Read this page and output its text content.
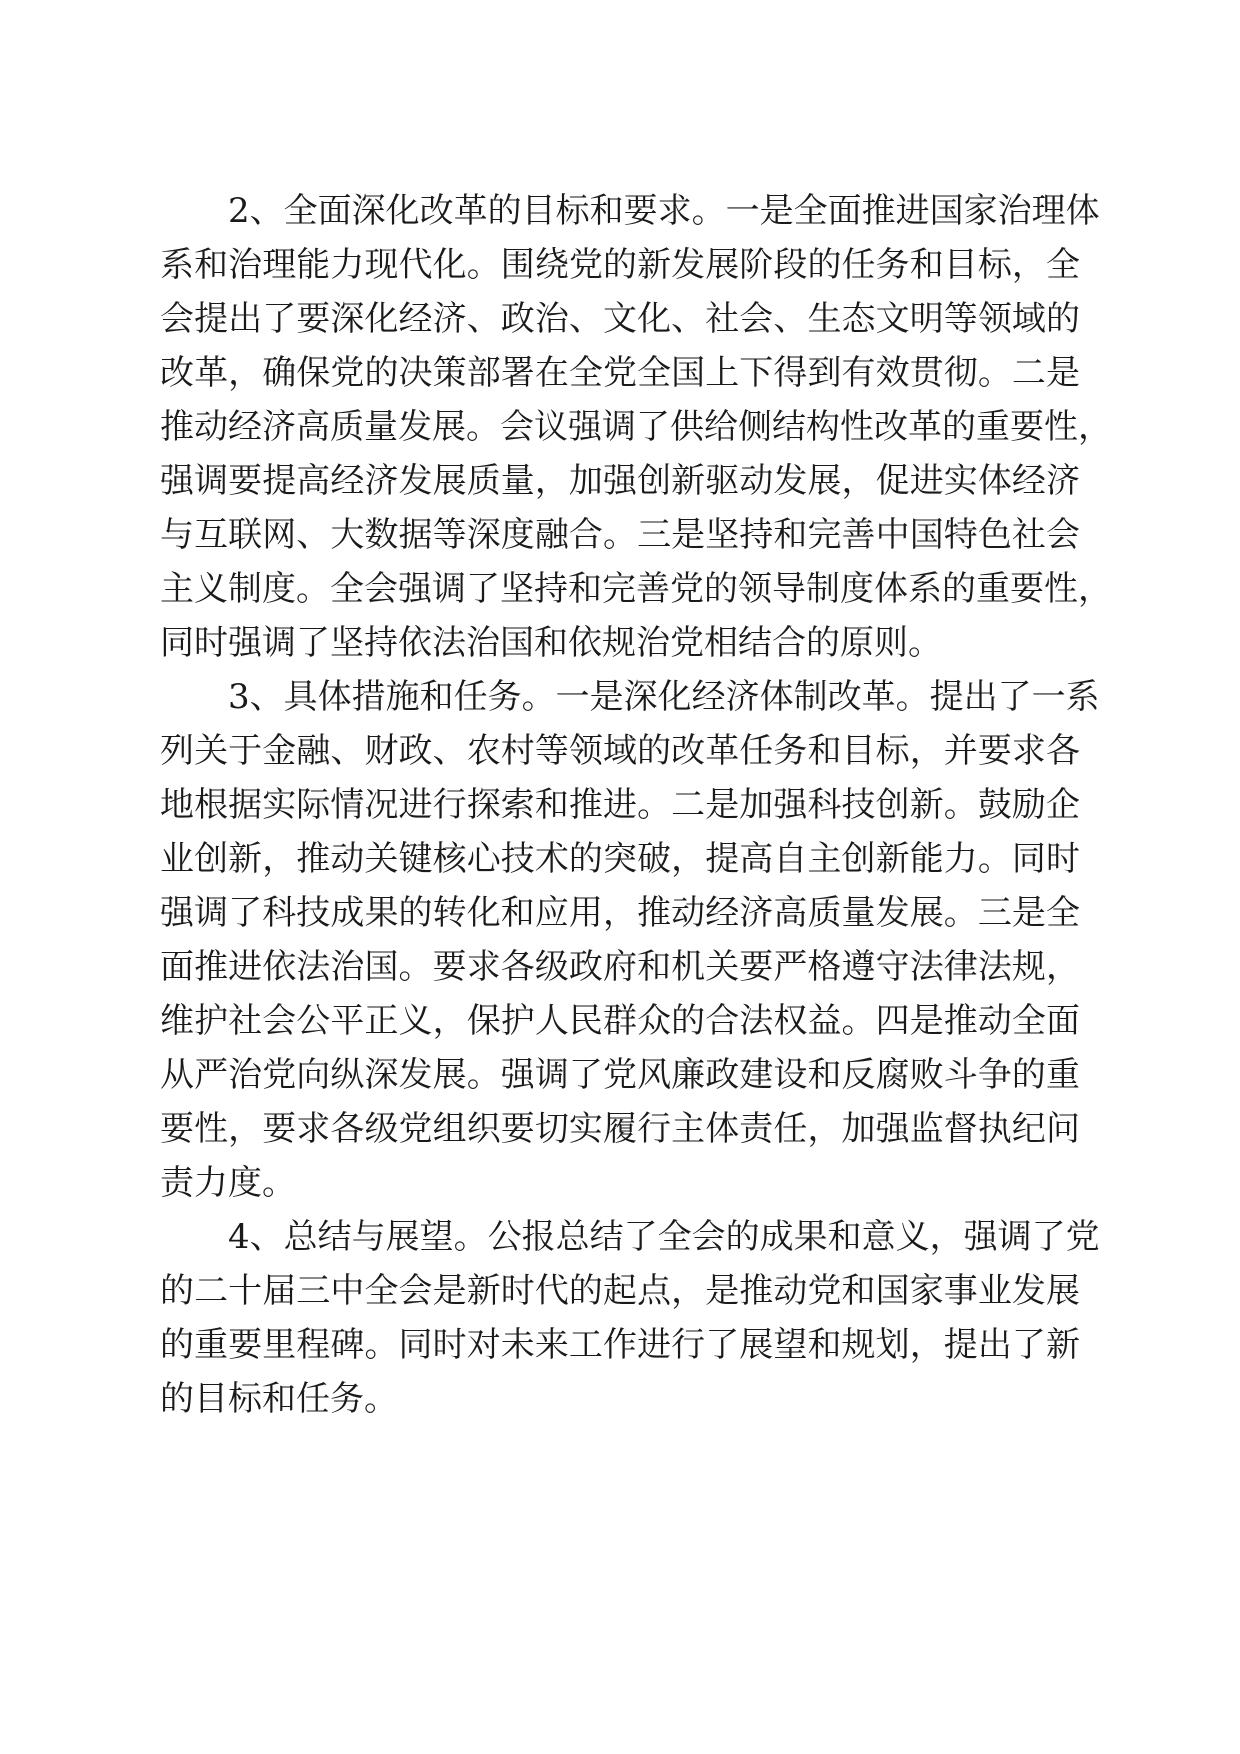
2、全面深化改革的目标和要求。一是全面推进国家治理体
系和治理能力现代化。围绕党的新发展阶段的任务和目标，全
会提出了要深化经济、政治、文化、社会、生态文明等领域的
改革，确保党的决策部署在全党全国上下得到有效贯彻。二是
推动经济高质量发展。会议强调了供给侧结构性改革的重要性，
强调要提高经济发展质量，加强创新驱动发展，促进实体经济
与互联网、大数据等深度融合。三是坚持和完善中国特色社会
主义制度。全会强调了坚持和完善党的领导制度体系的重要性，
同时强调了坚持依法治国和依规治党相结合的原则。
3、具体措施和任务。一是深化经济体制改革。提出了一系
列关于金融、财政、农村等领域的改革任务和目标，并要求各
地根据实际情况进行探索和推进。二是加强科技创新。鼓励企
业创新，推动关键核心技术的突破，提高自主创新能力。同时
强调了科技成果的转化和应用，推动经济高质量发展。三是全
面推进依法治国。要求各级政府和机关要严格遵守法律法规，
维护社会公平正义，保护人民群众的合法权益。四是推动全面
从严治党向纵深发展。强调了党风廉政建设和反腐败斗争的重
要性，要求各级党组织要切实履行主体责任，加强监督执纪问
责力度。
4、总结与展望。公报总结了全会的成果和意义，强调了党
的二十届三中全会是新时代的起点，是推动党和国家事业发展
的重要里程碑。同时对未来工作进行了展望和规划，提出了新
的目标和任务。
